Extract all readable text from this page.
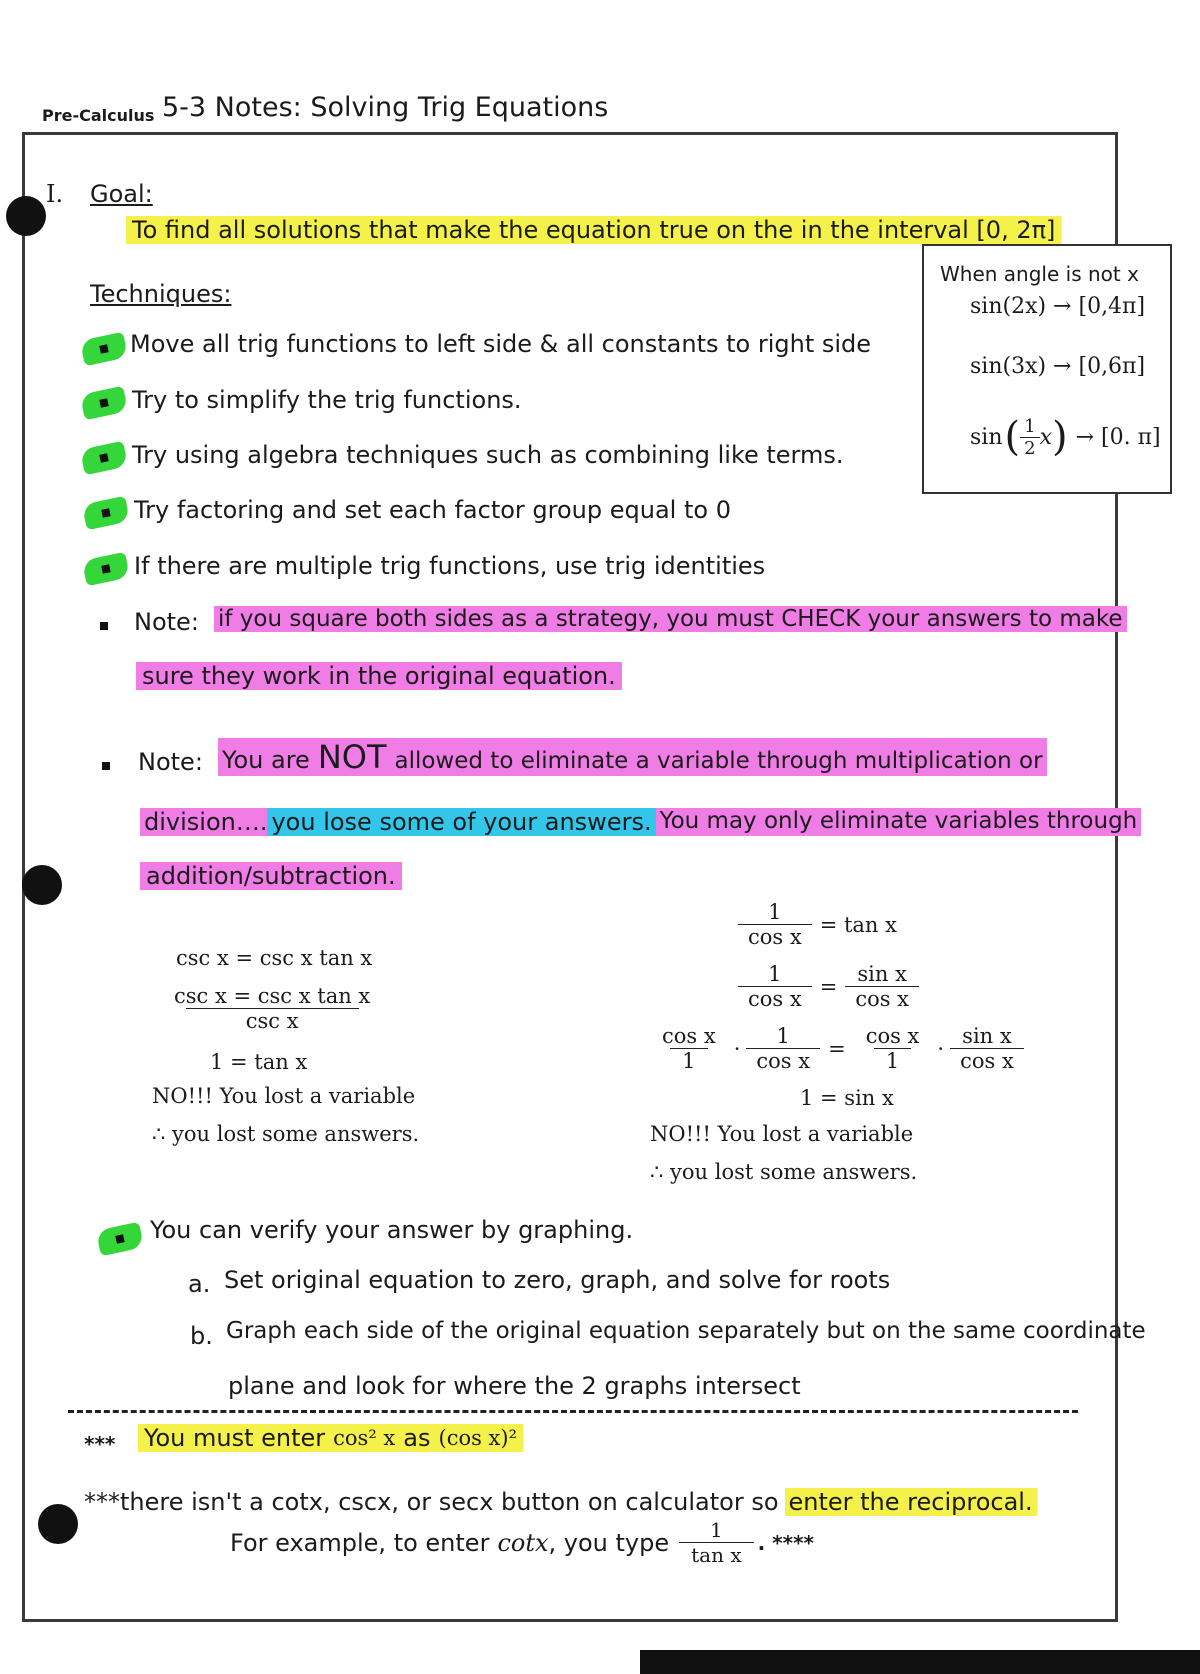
Pre-Calculus 5-3 Notes: Solving Trig Equations
I. Goal:
To find all solutions that make the equation true on the in the interval [0, 2π]
When angle is not x
sin(2x) → [0,4π]
sin(3x) → [0,6π]
sin ( $\frac{1}{2}$ x ) → [0. π]
Techniques:
Move all trig functions to left side & all constants to right side
Try to simplify the trig functions.
Try using algebra techniques such as combining like terms.
Try factoring and set each factor group equal to 0
If there are multiple trig functions, use trig identities
Note: if you square both sides as a strategy, you must CHECK your answers to make
sure they work in the original equation.
Note: You are NOT allowed to eliminate a variable through multiplication or
division…. you lose some of your answers. You may only eliminate variables through
addition/subtraction.
csc x = csc x tan x
csc x = csc x tan x
csc x
1 = tan x
NO!!! You lost a variable
∴ you lost some answers.
$\frac{1}{\text{cos x}} = \tan x$
$\frac{1}{\text{cos x}} = \frac{\text{sin x}}{\text{cos x}}$
$\frac{\text{cos x}}{1} \cdot \frac{1}{\text{cos x}} = \frac{\text{cos x}}{1} \cdot \frac{\text{sin x}}{\text{cos x}}$
1 = sin x
NO!!! You lost a variable
∴ you lost some answers.
You can verify your answer by graphing.
a. Set original equation to zero, graph, and solve for roots
b. Graph each side of the original equation separately but on the same coordinate
plane and look for where the 2 graphs intersect
*** You must enter cos² x as (cos x)²
***there isn't a cotx, cscx, or secx button on calculator so enter the reciprocal.
For example, to enter cotx , you type $\frac{1}{\text{tan x}}$ . ****
